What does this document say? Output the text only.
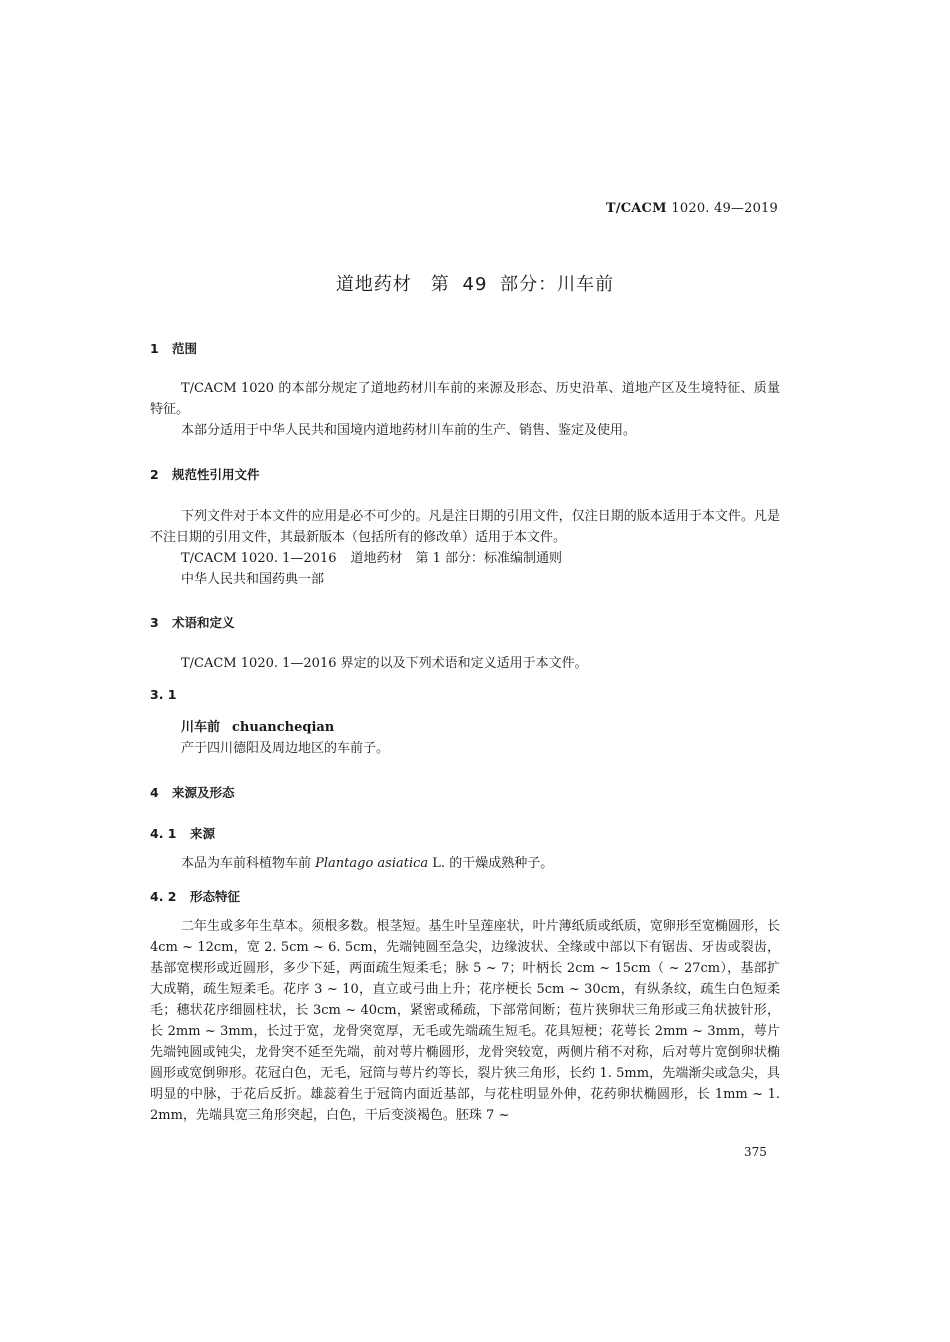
T/CACM 1020. 49—2019
道地药材　第 49 部分：川车前
1 范围
T/CACM 1020 的本部分规定了道地药材川车前的来源及形态、历史沿革、道地产区及生境特征、质量特征。
本部分适用于中华人民共和国境内道地药材川车前的生产、销售、鉴定及使用。
2 规范性引用文件
下列文件对于本文件的应用是必不可少的。凡是注日期的引用文件，仅注日期的版本适用于本文件。凡是不注日期的引用文件，其最新版本（包括所有的修改单）适用于本文件。
T/CACM 1020. 1—2016 道地药材　第 1 部分：标准编制通则
中华人民共和国药典一部
3 术语和定义
T/CACM 1020. 1—2016 界定的以及下列术语和定义适用于本文件。
3. 1
川车前 chuancheqian
产于四川德阳及周边地区的车前子。
4 来源及形态
4. 1 来源
本品为车前科植物车前 Plantago asiatica L. 的干燥成熟种子。
4. 2 形态特征
二年生或多年生草本。须根多数。根茎短。基生叶呈莲座状，叶片薄纸质或纸质，宽卵形至宽椭圆形，长 4cm ~ 12cm，宽 2. 5cm ~ 6. 5cm，先端钝圆至急尖，边缘波状、全缘或中部以下有锯齿、牙齿或裂齿，基部宽楔形或近圆形，多少下延，两面疏生短柔毛；脉 5 ~ 7；叶柄长 2cm ~ 15cm（ ~ 27cm），基部扩大成鞘，疏生短柔毛。花序 3 ~ 10，直立或弓曲上升；花序梗长 5cm ~ 30cm，有纵条纹，疏生白色短柔毛；穗状花序细圆柱状，长 3cm ~ 40cm，紧密或稀疏，下部常间断；苞片狭卵状三角形或三角状披针形，长 2mm ~ 3mm，长过于宽，龙骨突宽厚，无毛或先端疏生短毛。花具短梗；花萼长 2mm ~ 3mm，萼片先端钝圆或钝尖，龙骨突不延至先端，前对萼片椭圆形，龙骨突较宽，两侧片稍不对称，后对萼片宽倒卵状椭圆形或宽倒卵形。花冠白色，无毛，冠筒与萼片约等长，裂片狭三角形，长约 1. 5mm，先端渐尖或急尖，具明显的中脉，于花后反折。雄蕊着生于冠筒内面近基部，与花柱明显外伸，花药卵状椭圆形，长 1mm ~ 1. 2mm，先端具宽三角形突起，白色，干后变淡褐色。胚珠 7 ~
375
